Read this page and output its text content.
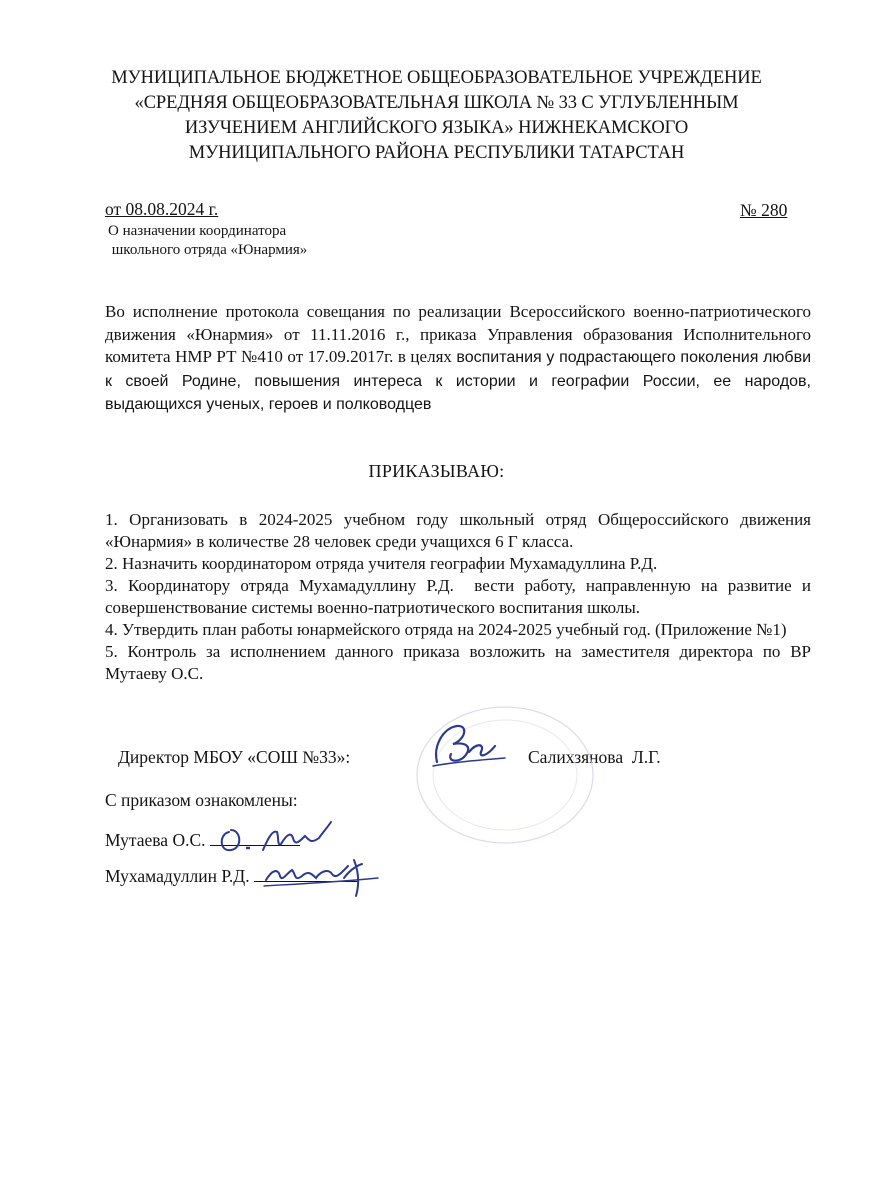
МУНИЦИПАЛЬНОЕ БЮДЖЕТНОЕ ОБЩЕОБРАЗОВАТЕЛЬНОЕ УЧРЕЖДЕНИЕ
«СРЕДНЯЯ ОБЩЕОБРАЗОВАТЕЛЬНАЯ ШКОЛА № 33 С УГЛУБЛЕННЫМ
ИЗУЧЕНИЕМ АНГЛИЙСКОГО ЯЗЫКА» НИЖНЕКАМСКОГО
МУНИЦИПАЛЬНОГО РАЙОНА РЕСПУБЛИКИ ТАТАРСТАН
от 08.08.2024 г.	№ 280
О назначении координатора
школьного отряда «Юнармия»
Во исполнение протокола совещания по реализации Всероссийского военно-патриотического движения «Юнармия» от 11.11.2016 г., приказа Управления образования Исполнительного комитета НМР РТ №410 от 17.09.2017г. в целях воспитания у подрастающего поколения любви к своей Родине, повышения интереса к истории и географии России, ее народов, выдающихся ученых, героев и полководцев
ПРИКАЗЫВАЮ:

1. Организовать в 2024-2025 учебном году школьный отряд Общероссийского движения «Юнармия» в количестве 28 человек среди учащихся 6 Г класса.

2. Назначить координатором отряда учителя географии Мухамадуллина Р.Д.

3. Координатору отряда Мухамадуллину Р.Д.  вести работу, направленную на развитие и совершенствование системы военно-патриотического воспитания школы.

4. Утвердить план работы юнармейского отряда на 2024-2025 учебный год. (Приложение №1)

5. Контроль за исполнением данного приказа возложить на заместителя директора по ВР Мутаеву О.С.

Директор МБОУ «СОШ №33»:	Салихзянова  Л.Г.
С приказом ознакомлены:
Мутаева О.С.
Мухамадуллин Р.Д.
